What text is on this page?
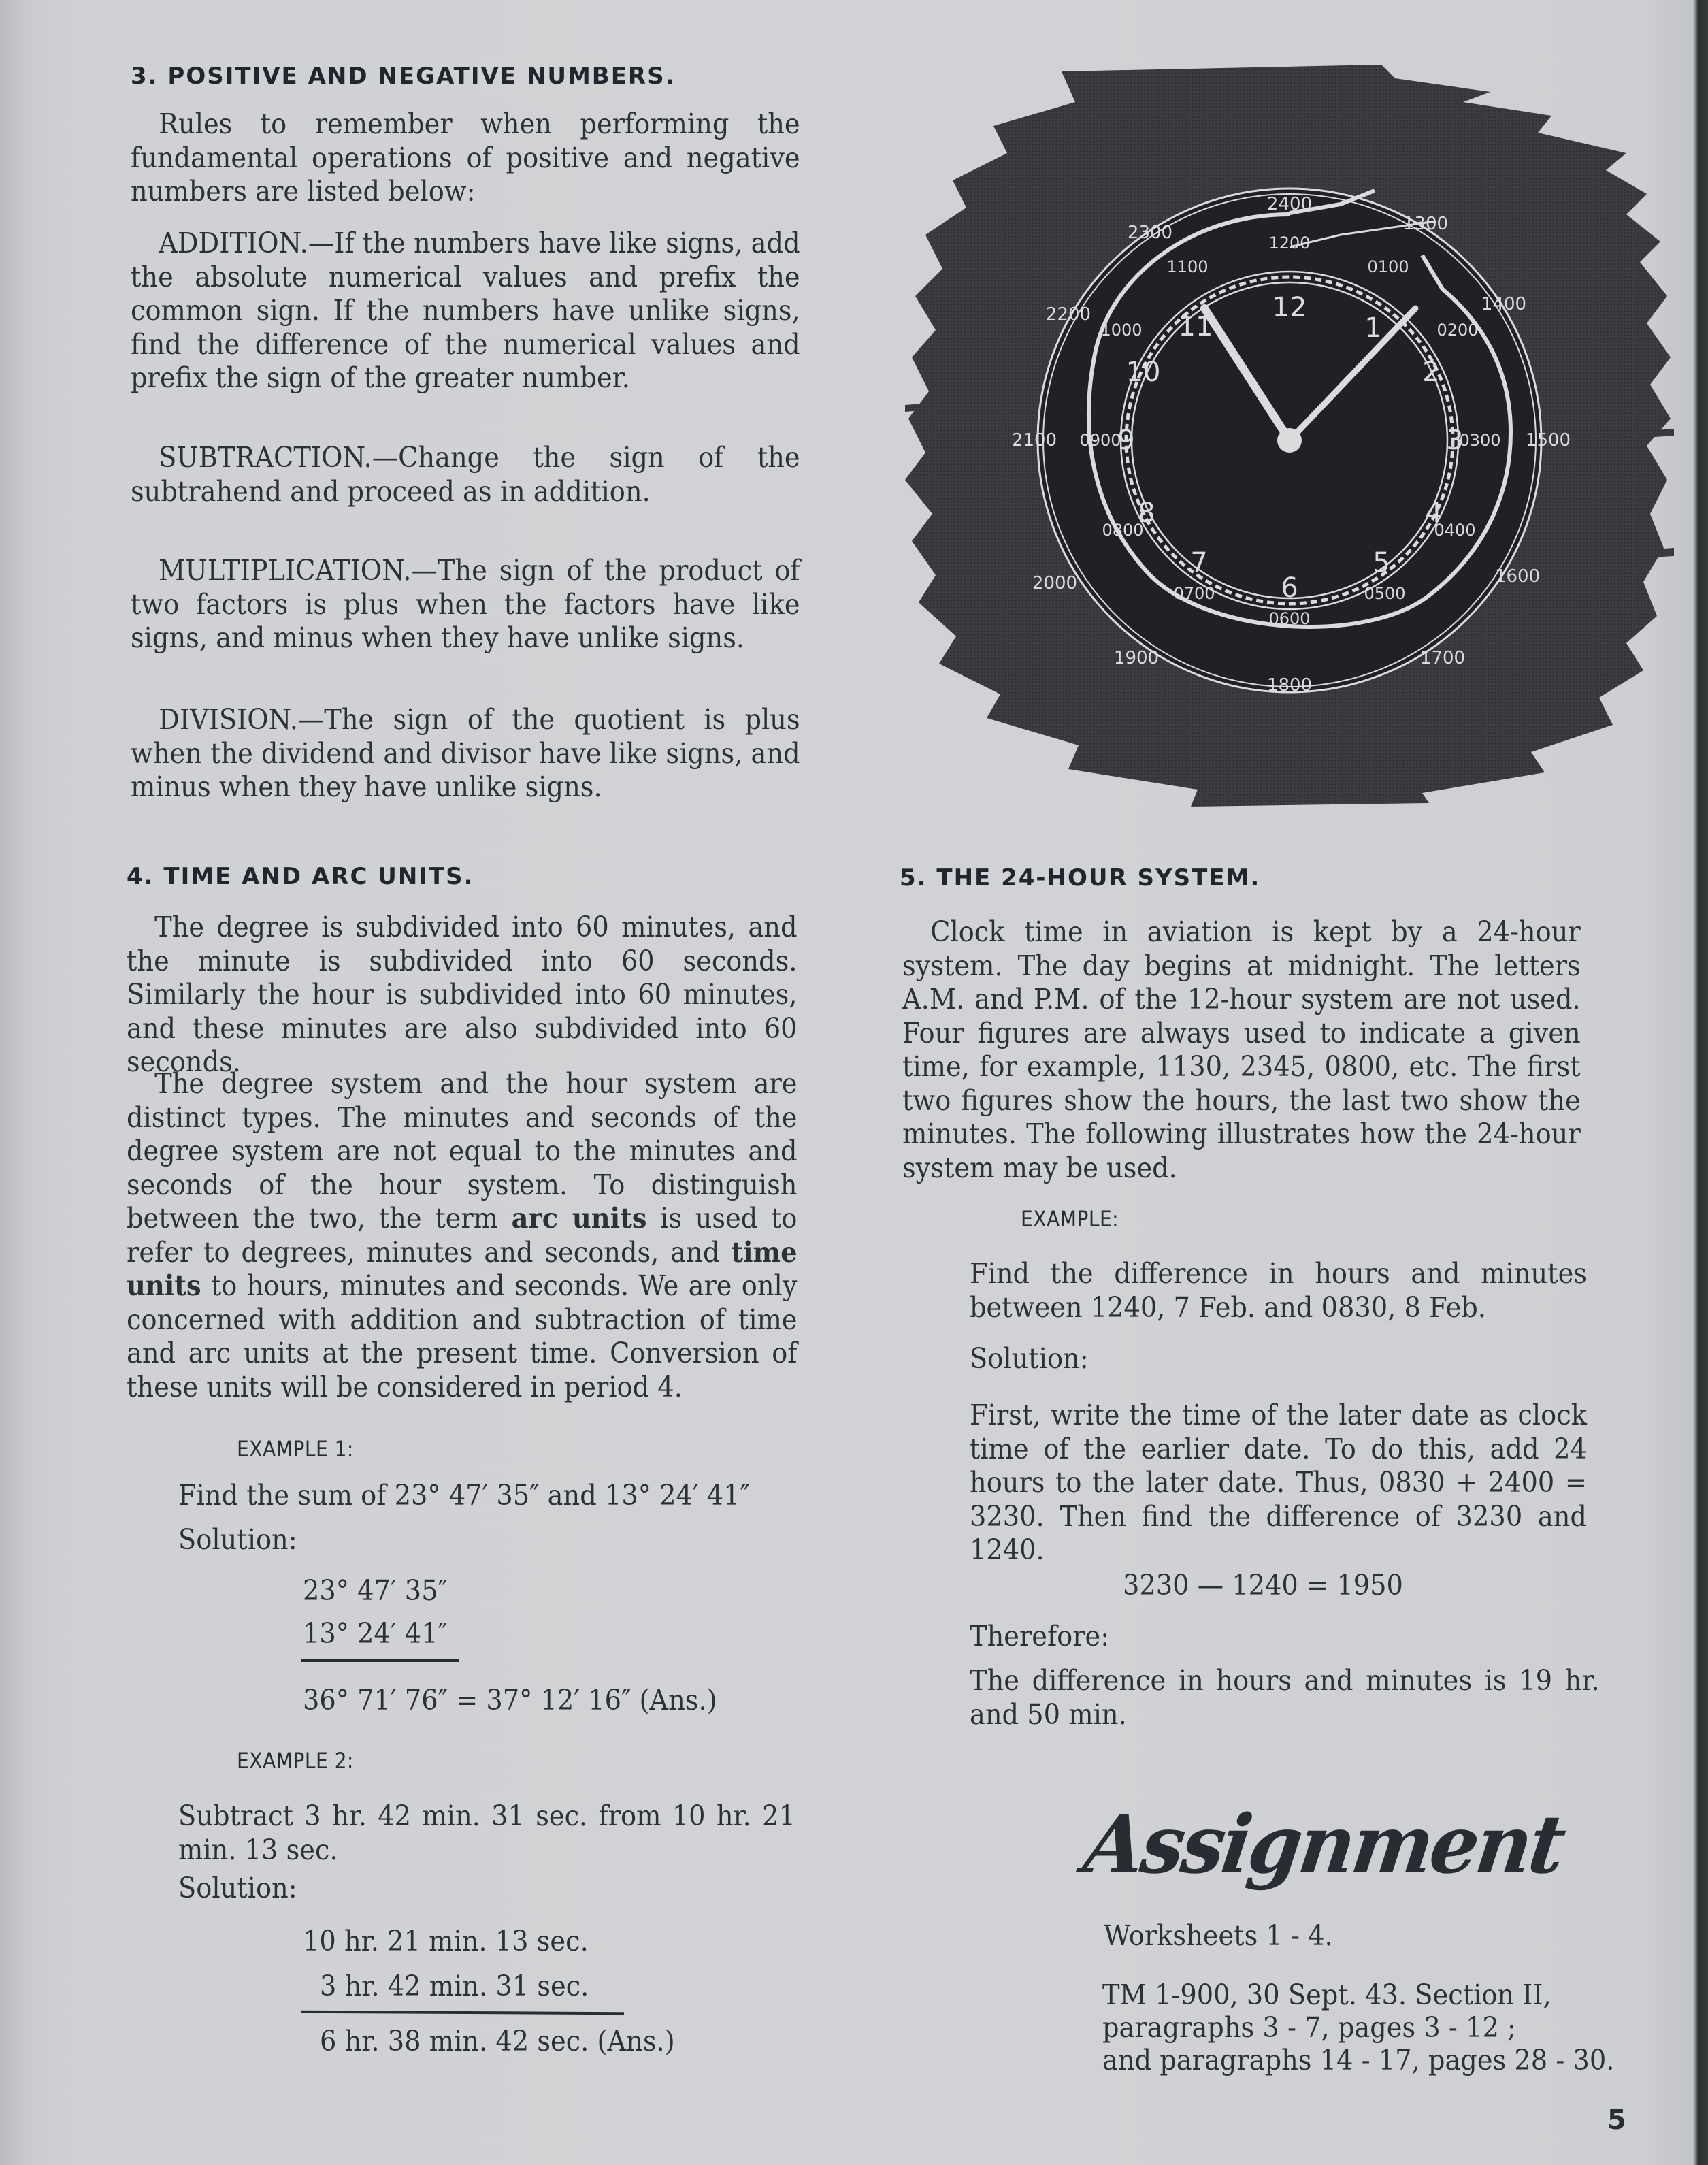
3. POSITIVE AND NEGATIVE NUMBERS.
Rules to remember when performing the fundamental operations of positive and negative numbers are listed below:
ADDITION.—If the numbers have like signs, add the absolute numerical values and prefix the common sign. If the numbers have unlike signs, find the difference of the numerical values and prefix the sign of the greater number.
SUBTRACTION.—Change the sign of the subtrahend and proceed as in addition.
MULTIPLICATION.—The sign of the product of two factors is plus when the factors have like signs, and minus when they have unlike signs.
DIVISION.—The sign of the quotient is plus when the dividend and divisor have like signs, and minus when they have unlike signs.
12
1
2
3
4
5
6
7
8
9
10
11
1200
0100
0200
0300
0400
0500
0600
0700
0800
0900
1000
1100
2400
1300
1400
1500
1600
1700
1800
1900
2000
2100
2200
2300
4. TIME AND ARC UNITS.
The degree is subdivided into 60 minutes, and the minute is subdivided into 60 seconds. Similarly the hour is subdivided into 60 minutes, and these minutes are also subdivided into 60 seconds.
The degree system and the hour system are distinct types. The minutes and seconds of the degree system are not equal to the minutes and seconds of the hour system. To distinguish between the two, the term arc units is used to refer to degrees, minutes and seconds, and time units to hours, minutes and seconds. We are only concerned with addition and subtraction of time and arc units at the present time. Conversion of these units will be considered in period 4.
EXAMPLE 1:
Find the sum of 23° 47′ 35″ and 13° 24′ 41″
Solution:
23° 47′ 35″
13° 24′ 41″
36° 71′ 76″ = 37° 12′ 16″ (Ans.)
EXAMPLE 2:
Subtract 3 hr. 42 min. 31 sec. from 10 hr. 21 min. 13 sec.
Solution:
10 hr. 21 min. 13 sec.
3 hr. 42 min. 31 sec.
6 hr. 38 min. 42 sec. (Ans.)
5. THE 24-HOUR SYSTEM.
Clock time in aviation is kept by a 24-hour system. The day begins at midnight. The letters A.M. and P.M. of the 12-hour system are not used. Four figures are always used to indicate a given time, for example, 1130, 2345, 0800, etc. The first two figures show the hours, the last two show the minutes. The following illustrates how the 24-hour system may be used.
EXAMPLE:
Find the difference in hours and minutes between 1240, 7 Feb. and 0830, 8 Feb.
Solution:
First, write the time of the later date as clock time of the earlier date. To do this, add 24 hours to the later date. Thus, 0830 + 2400 = 3230. Then find the difference of 3230 and 1240.
3230 — 1240 = 1950
Therefore:
The difference in hours and minutes is 19 hr. and 50 min.
Assignment
Worksheets 1 - 4.
TM 1-900, 30 Sept. 43. Section II,
paragraphs 3 - 7, pages 3 - 12 ;
and paragraphs 14 - 17, pages 28 - 30.
5
